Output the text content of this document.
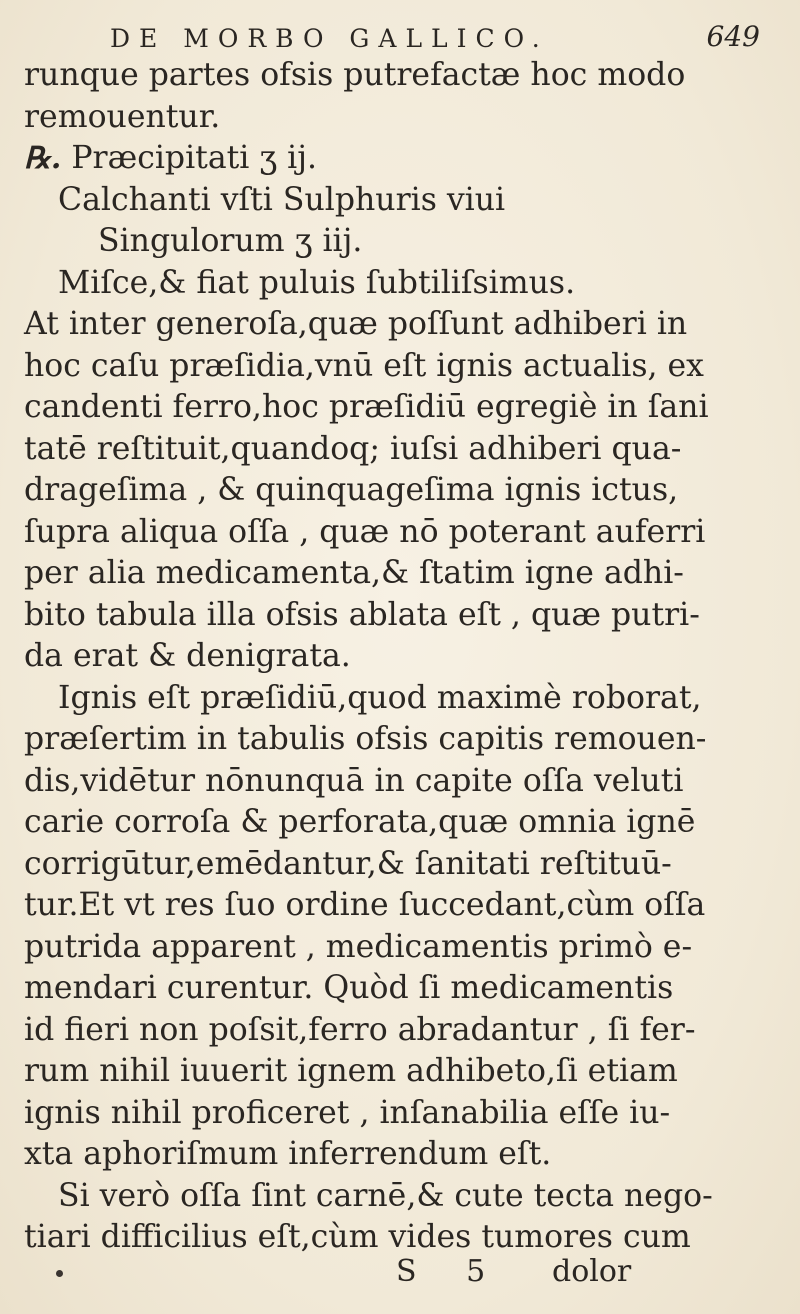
DE MORBO GALLICO.	649
runque partes ofsis putrefactæ hoc modo
remouentur.
℞. Præcipitati ʒ ij.
Calchanti vſti Sulphuris viui
Singulorum ʒ iij.
Miſce,& fiat puluis ſubtiliſsimus.
At inter generoſa,quæ poſſunt adhiberi in
hoc caſu præſidia,vnū eſt ignis actualis, ex
candenti ferro,hoc præſidiū egregiè in ſani
tatē reſtituit,quandoq; iuſsi adhiberi qua-
drageſima , & quinquageſima ignis ictus,
ſupra aliqua oſſa , quæ nō poterant auferri
per alia medicamenta,& ſtatim igne adhi-
bito tabula illa ofsis ablata eſt , quæ putri-
da erat & denigrata.
Ignis eſt præſidiū,quod maximè roborat,
præſertim in tabulis ofsis capitis remouen-
dis,vidētur nōnunquā in capite oſſa veluti
carie corroſa & perforata,quæ omnia ignē
corrigūtur,emēdantur,& ſanitati reſtituū-
tur.Et vt res ſuo ordine ſuccedant,cùm oſſa
putrida apparent , medicamentis primò e-
mendari curentur. Quòd ſi medicamentis
id fieri non poſsit,ferro abradantur , ſi fer-
rum nihil iuuerit ignem adhibeto,ſi etiam
ignis nihil proficeret , inſanabilia eſſe iu-
xta aphoriſmum inferrendum eſt.
Si verò oſſa ſint carnē,& cute tecta nego-
tiari difficilius eſt,cùm vides tumores cum
S 5 dolor
